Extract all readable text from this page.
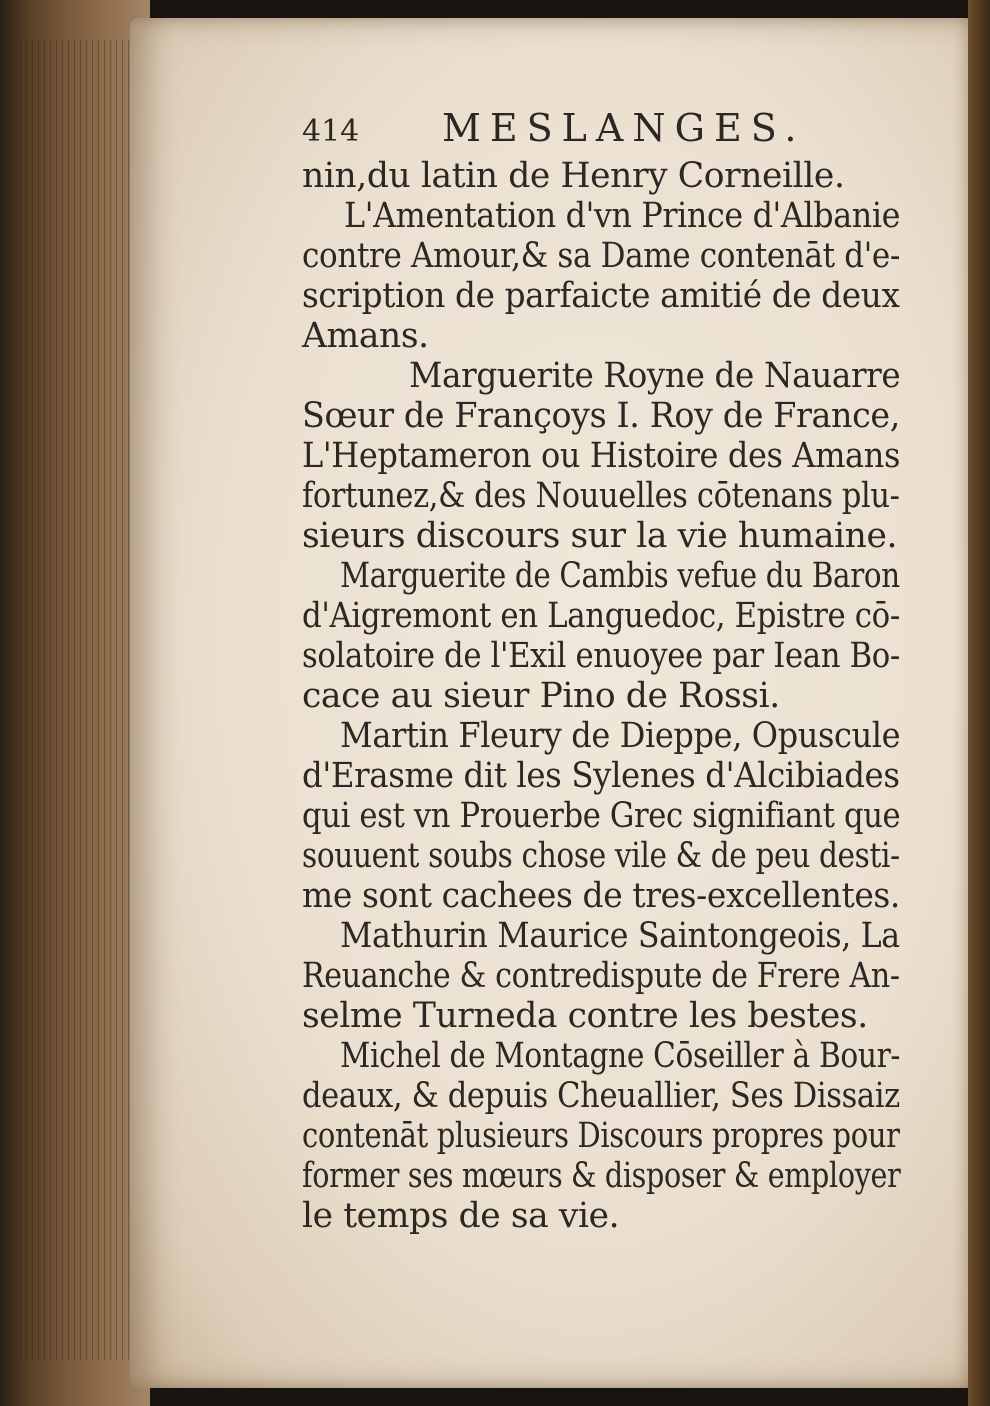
414 MESLANGES.
nin,du latin de Henry Corneille.
L'Amentation d'vn Prince d'Albanie
contre Amour,& sa Dame contenāt d'e-
scription de parfaicte amitié de deux
Amans.
Marguerite Royne de Nauarre
Sœur de Françoys I. Roy de France,
L'Heptameron ou Histoire des Amans
fortunez,& des Nouuelles cōtenans plu-
sieurs discours sur la vie humaine.
Marguerite de Cambis vefue du Baron
d'Aigremont en Languedoc, Epistre cō-
solatoire de l'Exil enuoyee par Iean Bo-
cace au sieur Pino de Rossi.
Martin Fleury de Dieppe, Opuscule
d'Erasme dit les Sylenes d'Alcibiades
qui est vn Prouerbe Grec signifiant que
souuent soubs chose vile & de peu desti-
me sont cachees de tres-excellentes.
Mathurin Maurice Saintongeois, La
Reuanche & contredispute de Frere An-
selme Turneda contre les bestes.
Michel de Montagne Cōseiller à Bour-
deaux, & depuis Cheuallier, Ses Dissaiz
contenāt plusieurs Discours propres pour
former ses mœurs & disposer & employer
le temps de sa vie.
